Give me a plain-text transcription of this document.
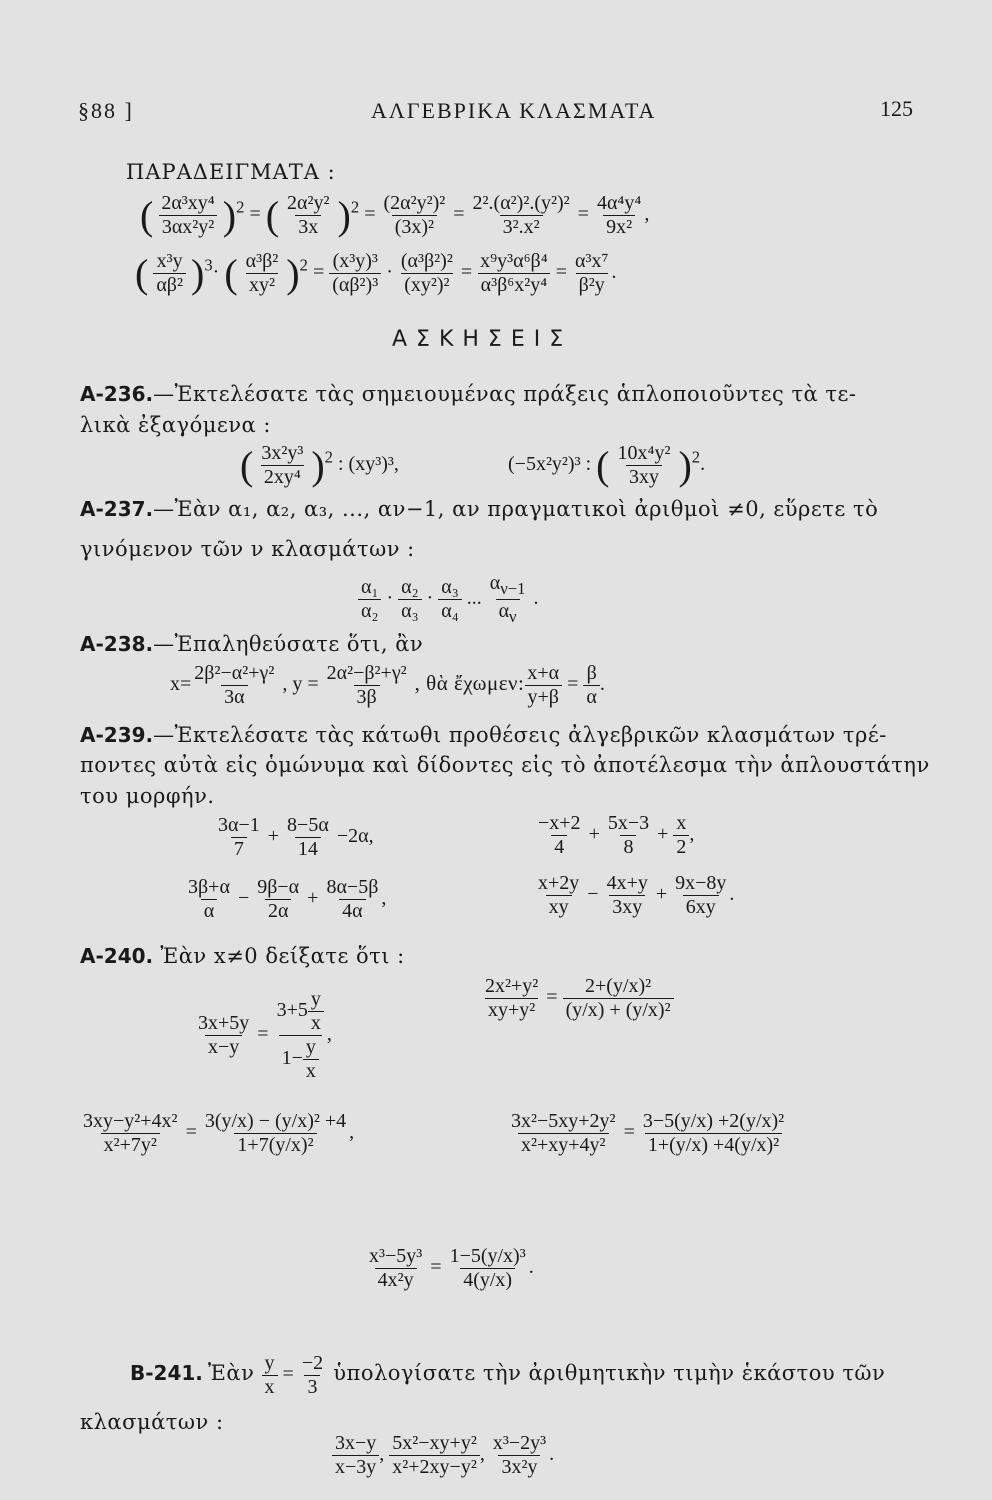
§88 ]	ΑΛΓΕΒΡΙΚΑ ΚΛΑΣΜΑΤΑ	125
ΠΑΡΑΔΕΙΓΜΑΤΑ :
( $\frac{\text{2α³xy⁴}}{\text{3αx²y²}} )^2$ = ( $\frac{\text{2α²y²}}{3x} )^2 = \frac{\text{(2α²y²)²}}{\text{(3x)²}} = \frac{\text{2².(α²)².(y²)²}}{\text{3².x²}} = \frac{\text{4α⁴y⁴}}{\text{9x²}}$ ,
( $\frac{\text{x³y}}{\text{αβ²}} )^3\cdot$ ( $\frac{\text{α³β²}}{\text{xy²}} )^2 = \frac{\text{(x³y)³}}{\text{(αβ²)³}} \cdot \frac{\text{(α³β²)²}}{\text{(xy²)²}} = \frac{\text{x⁹y³α⁶β⁴}}{\text{α³β⁶x²y⁴}} = \frac{\text{α³x⁷}}{\text{β²y}}$ .
ΑΣΚΗΣΕΙΣ
Α-236.—Ἐκτελέσατε τὰς σημειουμένας πράξεις ἁπλοποιοῦντες τὰ τε-
λικὰ ἐξαγόμενα :
( $\frac{\text{3x²y³}}{\text{2xy⁴}} )^2$ : (xy³)³,	(−5x²y²)³ : ( $\frac{\text{10x⁴y²}}{3xy} )^2$.
Α-237.—Ἐὰν α₁, α₂, α₃, ..., αν−1, αν πραγματικοὶ ἀριθμοὶ ≠0, εὕρετε τὸ
γινόμενον τῶν ν κλασμάτων :
$\frac{\text{α₁}}{\text{α₂}} \cdot \frac{\text{α₂}}{\text{α₃}} \cdot \frac{\text{α₃}}{\text{α₄}}$ ... $\frac{\alpha_{\nu-1}}{\alpha_\nu}$ .
Α-238.—Ἐπαληθεύσατε ὅτι, ἂν
$x= \frac{\text{2β²−α²+γ²}}{3\alpha}$ , $y = \frac{\text{2α²−β²+γ²}}{3\beta}$ , θὰ ἔχωμεν: $\frac{x+\alpha}{y+\beta} = \frac{\beta}{\alpha}$ .
Α-239.—Ἐκτελέσατε τὰς κάτωθι προθέσεις ἀλγεβρικῶν κλασμάτων τρέ-
ποντες αὐτὰ εἰς ὁμώνυμα καὶ δίδοντες εἰς τὸ ἀποτέλεσμα τὴν ἁπλουστάτην
του μορφήν.
$\frac{3\alpha-1}{7} + \frac{8-5\alpha}{14} -2\alpha$,	$\frac{-x+2}{4} + \frac{5x-3}{8} + \frac{x}{2}$ ,
$\frac{3\beta+\alpha}{\alpha} - \frac{9\beta-\alpha}{2\alpha} + \frac{8\alpha-5\beta}{4\alpha}$ ,	$\frac{x+2y}{xy} - \frac{4x+y}{3xy} + \frac{9x-8y}{6xy}$ .
Α-240. Ἐὰν x≠0 δείξατε ὅτι :
$\frac{3x+5y}{x-y} = \frac{3+5 \frac{y}{x}}{1- \frac{y}{x}}$ ,
$\frac{\text{2x²+y²}}{\text{xy+y²}} = \frac{\text{2+(y/x)²}}{\text{(y/x) + (y/x)²}}$
$\frac{\text{3xy−y²+4x²}}{\text{x²+7y²}} = \frac{\text{3(y/x) − (y/x)² +4}}{\text{1+7(y/x)²}}$ ,	$\frac{\text{3x²−5xy+2y²}}{\text{x²+xy+4y²}} = \frac{\text{3−5(y/x) +2(y/x)²}}{\text{1+(y/x) +4(y/x)²}}$
$\frac{\text{x³−5y³}}{\text{4x²y}} = \frac{\text{1−5(y/x)³}}{4(y/x)}$ .
Β-241. Ἐὰν $\frac{y}{x} = \frac{-2}{3}$ ὑπολογίσατε τὴν ἀριθμητικὴν τιμὴν ἑκάστου τῶν
κλασμάτων :
$\frac{3x-y}{x-3y}$ , $\frac{\text{5x²−xy+y²}}{\text{x²+2xy−y²}}$ , $\frac{\text{x³−2y³}}{\text{3x²y}}$ .
